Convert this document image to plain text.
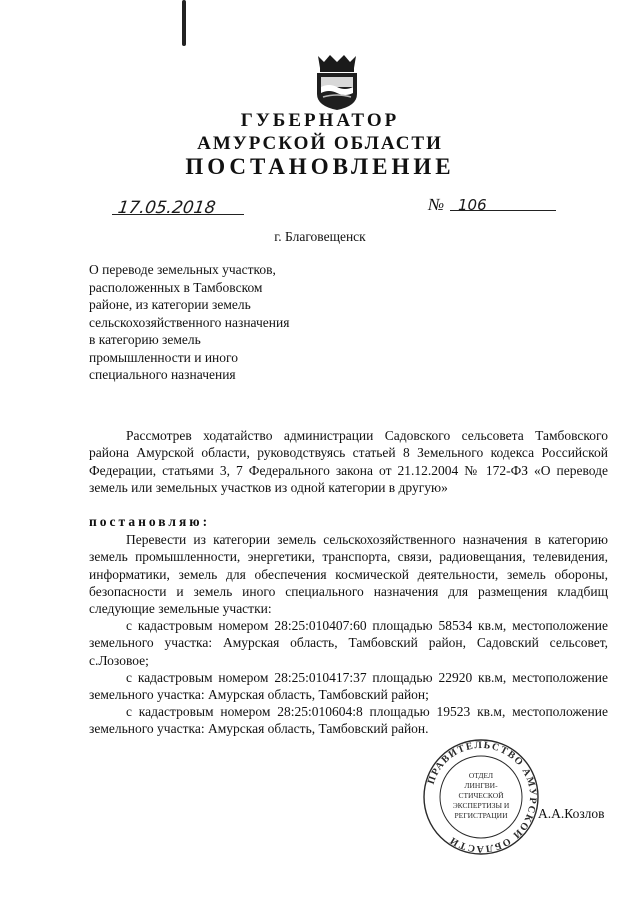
ГУБЕРНАТОР
АМУРСКОЙ ОБЛАСТИ
ПОСТАНОВЛЕНИЕ
17.05.2018	№ 106
г. Благовещенск
О переводе земельных участков,
расположенных в Тамбовском
районе, из категории земель
сельскохозяйственного назначения
в категорию земель
промышленности и иного
специального назначения
Рассмотрев ходатайство администрации Садовского сельсовета Тамбовского района Амурской области, руководствуясь статьей 8 Земельного кодекса Российской Федерации, статьями 3, 7 Федерального закона от 21.12.2004 № 172-ФЗ «О переводе земель или земельных участков из одной категории в другую»
постановляю:
Перевести из категории земель сельскохозяйственного назначения в категорию земель промышленности, энергетики, транспорта, связи, радиовещания, телевидения, информатики, земель для обеспечения космической деятельности, земель обороны, безопасности и земель иного специального назначения для размещения кладбищ следующие земельные участки:
с кадастровым номером 28:25:010407:60 площадью 58534 кв.м, местоположение земельного участка: Амурская область, Тамбовский район, Садовский сельсовет, с.Лозовое;
с кадастровым номером 28:25:010417:37 площадью 22920 кв.м, местоположение земельного участка: Амурская область, Тамбовский район;
с кадастровым номером 28:25:010604:8 площадью 19523 кв.м, местоположение земельного участка: Амурская область, Тамбовский район.
ПРАВИТЕЛЬСТВО АМУРСКОЙ ОБЛАСТИ
ОТДЕЛ
ЛИНГВИ-
СТИЧЕСКОЙ
ЭКСПЕРТИЗЫ И
РЕГИСТРАЦИИ А.А.Козлов
